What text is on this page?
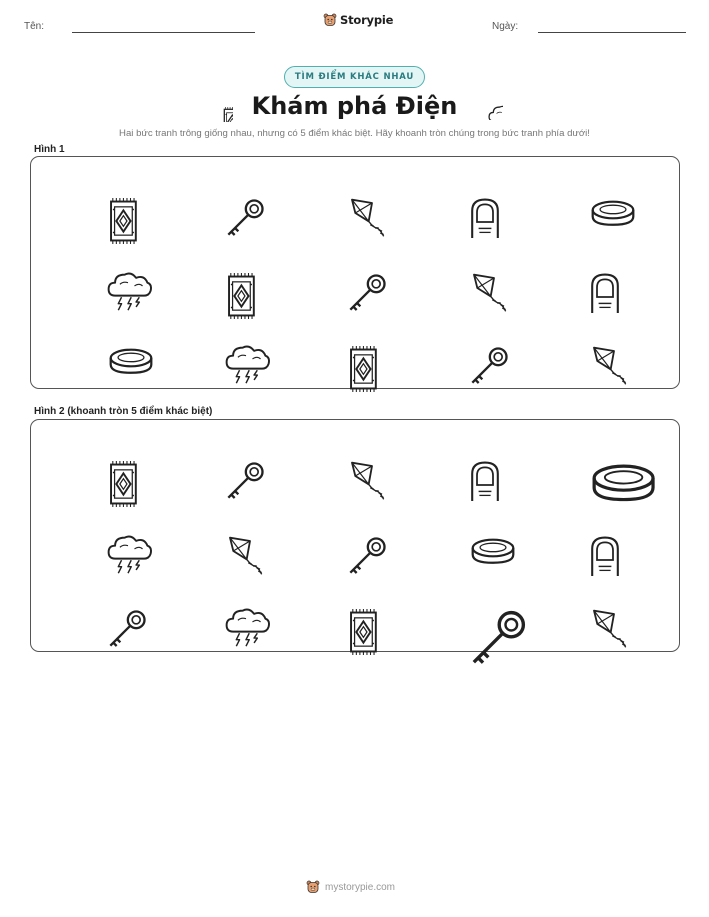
Tên:	Storypie	Ngày:
TÌM ĐIỂM KHÁC NHAU
Khám phá Điện
Hai bức tranh trông giống nhau, nhưng có 5 điểm khác biệt. Hãy khoanh tròn chúng trong bức tranh phía dưới!
Hình 1
Hình 2 (khoanh tròn 5 điểm khác biệt)
mystorypie.com
